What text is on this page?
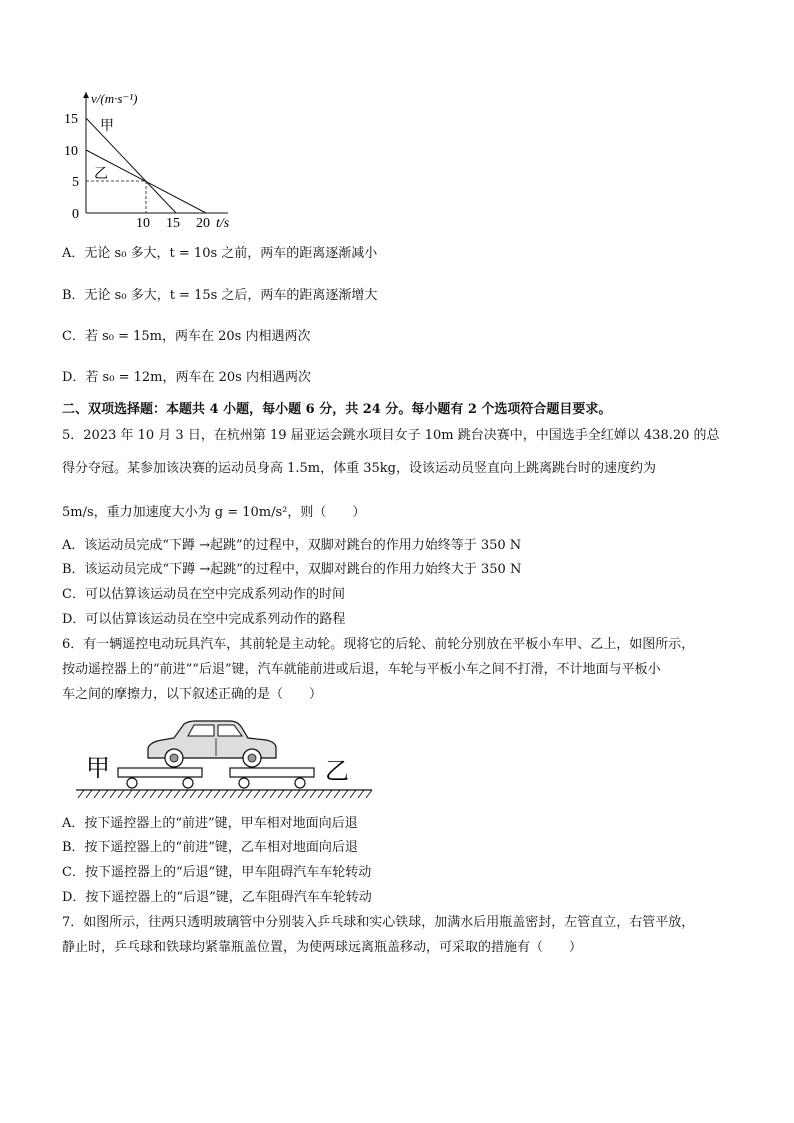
v/(m·s⁻¹)
15
10
5
0
10 15 20 t/s
甲
乙
A．无论 s₀ 多大，t = 10s 之前，两车的距离逐渐减小
B．无论 s₀ 多大，t = 15s 之后，两车的距离逐渐增大
C．若 s₀ = 15m，两车在 20s 内相遇两次
D．若 s₀ = 12m，两车在 20s 内相遇两次
二、双项选择题：本题共 4 小题，每小题 6 分，共 24 分。每小题有 2 个选项符合题目要求。
5．2023 年 10 月 3 日，在杭州第 19 届亚运会跳水项目女子 10m 跳台决赛中，中国选手全红婵以 438.20 的总
得分夺冠。某参加该决赛的运动员身高 1.5m，体重 35kg，设该运动员竖直向上跳离跳台时的速度约为
5m/s，重力加速度大小为 g = 10m/s²，则（　　）
A．该运动员完成“下蹲 →起跳”的过程中，双脚对跳台的作用力始终等于 350 N
B．该运动员完成“下蹲 →起跳”的过程中，双脚对跳台的作用力始终大于 350 N
C．可以估算该运动员在空中完成系列动作的时间
D．可以估算该运动员在空中完成系列动作的路程
6．有一辆遥控电动玩具汽车，其前轮是主动轮。现将它的后轮、前轮分别放在平板小车甲、乙上，如图所示，
按动遥控器上的“前进”“后退”键，汽车就能前进或后退，车轮与平板小车之间不打滑，不计地面与平板小
车之间的摩擦力，以下叙述正确的是（　　）
甲	乙
A．按下遥控器上的“前进”键，甲车相对地面向后退
B．按下遥控器上的“前进”键，乙车相对地面向后退
C．按下遥控器上的“后退”键，甲车阻碍汽车车轮转动
D．按下遥控器上的“后退”键，乙车阻碍汽车车轮转动
7．如图所示，往两只透明玻璃管中分别装入乒乓球和实心铁球，加满水后用瓶盖密封，左管直立，右管平放，
静止时，乒乓球和铁球均紧靠瓶盖位置，为使两球远离瓶盖移动，可采取的措施有（　　）
